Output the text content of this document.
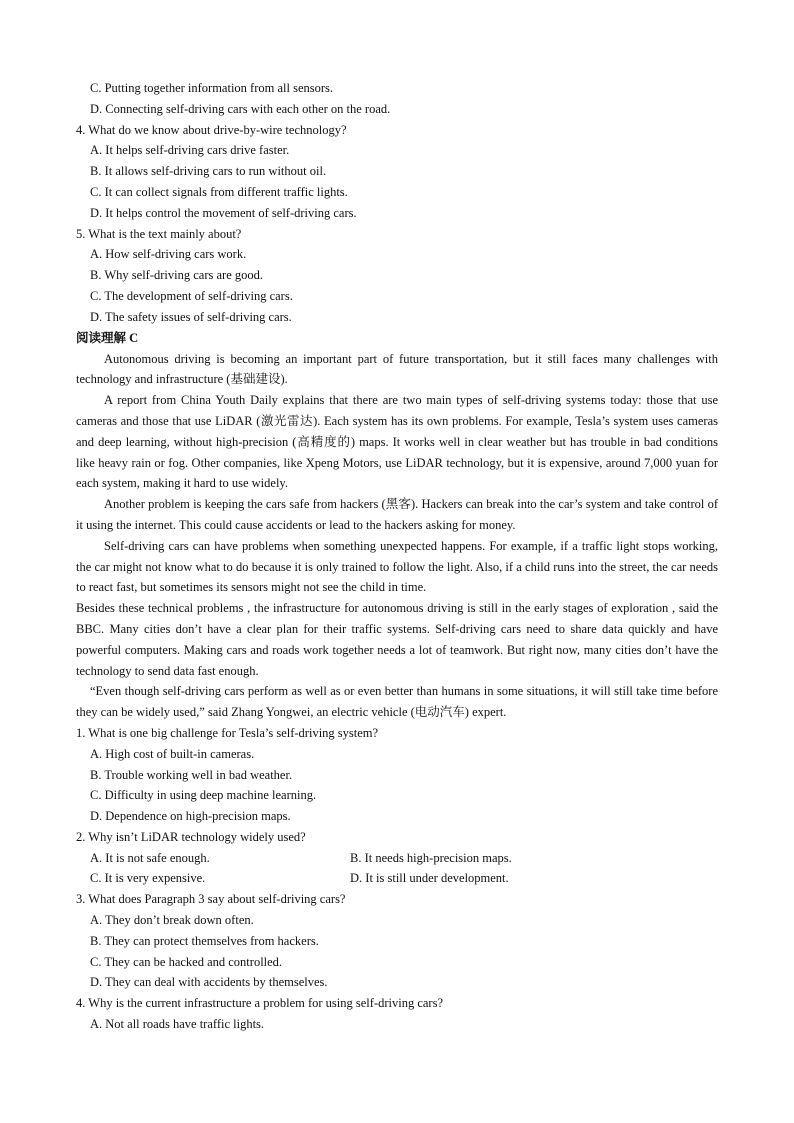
C. Putting together information from all sensors.
D. Connecting self-driving cars with each other on the road.
4. What do we know about drive-by-wire technology?
A. It helps self-driving cars drive faster.
B. It allows self-driving cars to run without oil.
C. It can collect signals from different traffic lights.
D. It helps control the movement of self-driving cars.
5. What is the text mainly about?
A. How self-driving cars work.
B. Why self-driving cars are good.
C. The development of self-driving cars.
D. The safety issues of self-driving cars.
阅读理解 C
Autonomous driving is becoming an important part of future transportation, but it still faces many challenges with technology and infrastructure (基础建设).
A report from China Youth Daily explains that there are two main types of self-driving systems today: those that use cameras and those that use LiDAR (激光雷达). Each system has its own problems. For example, Tesla’s system uses cameras and deep learning, without high-precision (高精度的) maps. It works well in clear weather but has trouble in bad conditions like heavy rain or fog. Other companies, like Xpeng Motors, use LiDAR technology, but it is expensive, around 7,000 yuan for each system, making it hard to use widely.
Another problem is keeping the cars safe from hackers (黑客). Hackers can break into the car’s system and take control of it using the internet. This could cause accidents or lead to the hackers asking for money.
Self-driving cars can have problems when something unexpected happens. For example, if a traffic light stops working, the car might not know what to do because it is only trained to follow the light. Also, if a child runs into the street, the car needs to react fast, but sometimes its sensors might not see the child in time.
Besides these technical problems , the infrastructure for autonomous driving is still in the early stages of exploration , said the BBC. Many cities don’t have a clear plan for their traffic systems. Self-driving cars need to share data quickly and have powerful computers. Making cars and roads work together needs a lot of teamwork. But right now, many cities don’t have the technology to send data fast enough.
“Even though self-driving cars perform as well as or even better than humans in some situations, it will still take time before they can be widely used,” said Zhang Yongwei, an electric vehicle (电动汽车) expert.
1. What is one big challenge for Tesla’s self-driving system?
A. High cost of built-in cameras.
B. Trouble working well in bad weather.
C. Difficulty in using deep machine learning.
D. Dependence on high-precision maps.
2. Why isn’t LiDAR technology widely used?
A. It is not safe enough.	B. It needs high-precision maps.
C. It is very expensive.	D. It is still under development.
3. What does Paragraph 3 say about self-driving cars?
A. They don’t break down often.
B. They can protect themselves from hackers.
C. They can be hacked and controlled.
D. They can deal with accidents by themselves.
4. Why is the current infrastructure a problem for using self-driving cars?
A. Not all roads have traffic lights.
